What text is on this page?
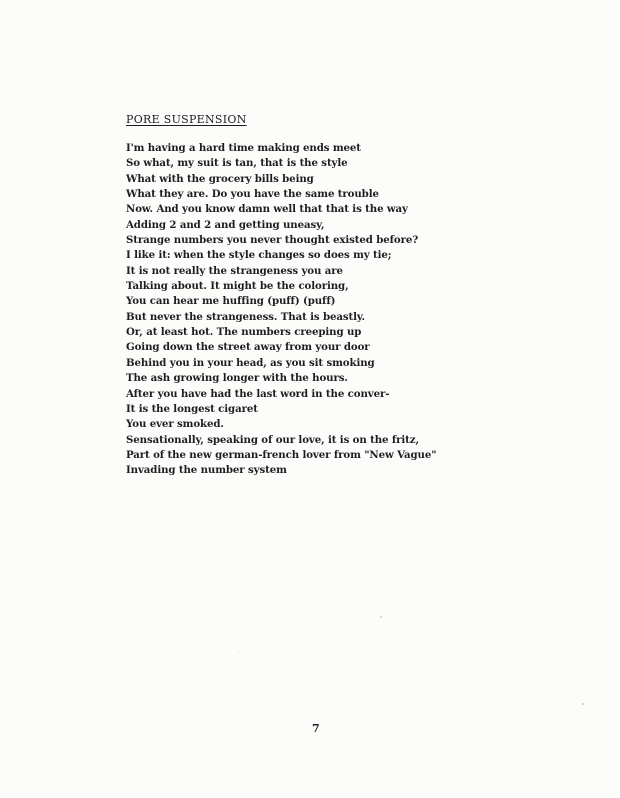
PORE SUSPENSION
I'm having a hard time making ends meet
So what, my suit is tan, that is the style
What with the grocery bills being
What they are. Do you have the same trouble
Now. And you know damn well that that is the way
Adding 2 and 2 and getting uneasy,
Strange numbers you never thought existed before?
I like it: when the style changes so does my tie;
It is not really the strangeness you are
Talking about. It might be the coloring,
You can hear me huffing (puff) (puff)
But never the strangeness. That is beastly.
Or, at least hot. The numbers creeping up
Going down the street away from your door
Behind you in your head, as you sit smoking
The ash growing longer with the hours.
After you have had the last word in the conver-
It is the longest cigaret
You ever smoked.
Sensationally, speaking of our love, it is on the fritz,
Part of the new german-french lover from "New Vague"
Invading the number system
7
